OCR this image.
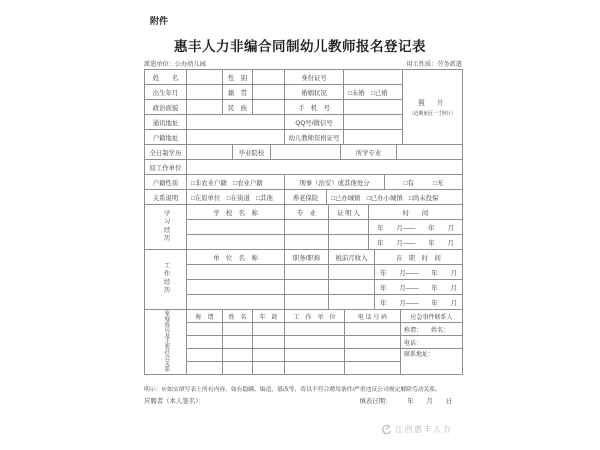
附件
惠丰人力非编合同制幼儿教师报名登记表
派遣单位：公办幼儿园	用工性质：劳务派遣
姓　　名		性　别		身份证号		照　片
（近期免冠一寸照片）

出生年月		籍　贯		婚姻状况	□未婚　□已婚	
政治面貌		民　族		手　机　号		
通讯地址				QQ号/微信号		
户籍地址				幼儿教师资格证号		
全日制学历		毕业院校		所学专业	
原工作单位	
户籍性质	□非农业户籍　□农业户籍	刑事（治安）或其他处分	□有　　　□无
关系说明	□在原单位　□在街道　□其他	养老保险	□已办城镇　□已办小城镇　□尚未投保
学习经历	学　校　名　称	专　业	证 明 人	时　　间
				年　　月——　　年　　月
				年　　月——　　年　　月
工作经历	单　位　名　称	职务/职称	税前月收入	在　职　时　间
				年　　月——　　年　　月
				年　　月——　　年　　月
				年　　月——　　年　　月
家庭成员及主要社会关系	称　谓	姓　名	年　龄	工　作　单　位	电 话 号 码	应急事件联系人
						称谓：　　姓名：
						电话：
						联系地址：

明示：应如实填写表上所有内容，如有隐瞒、编造、篡改等，将以不符合聘用条件/严重违反公司规定解除劳动关系。
应聘者（本人签名）：	填表日期：　　　年　　月　　日
江西惠丰人力
